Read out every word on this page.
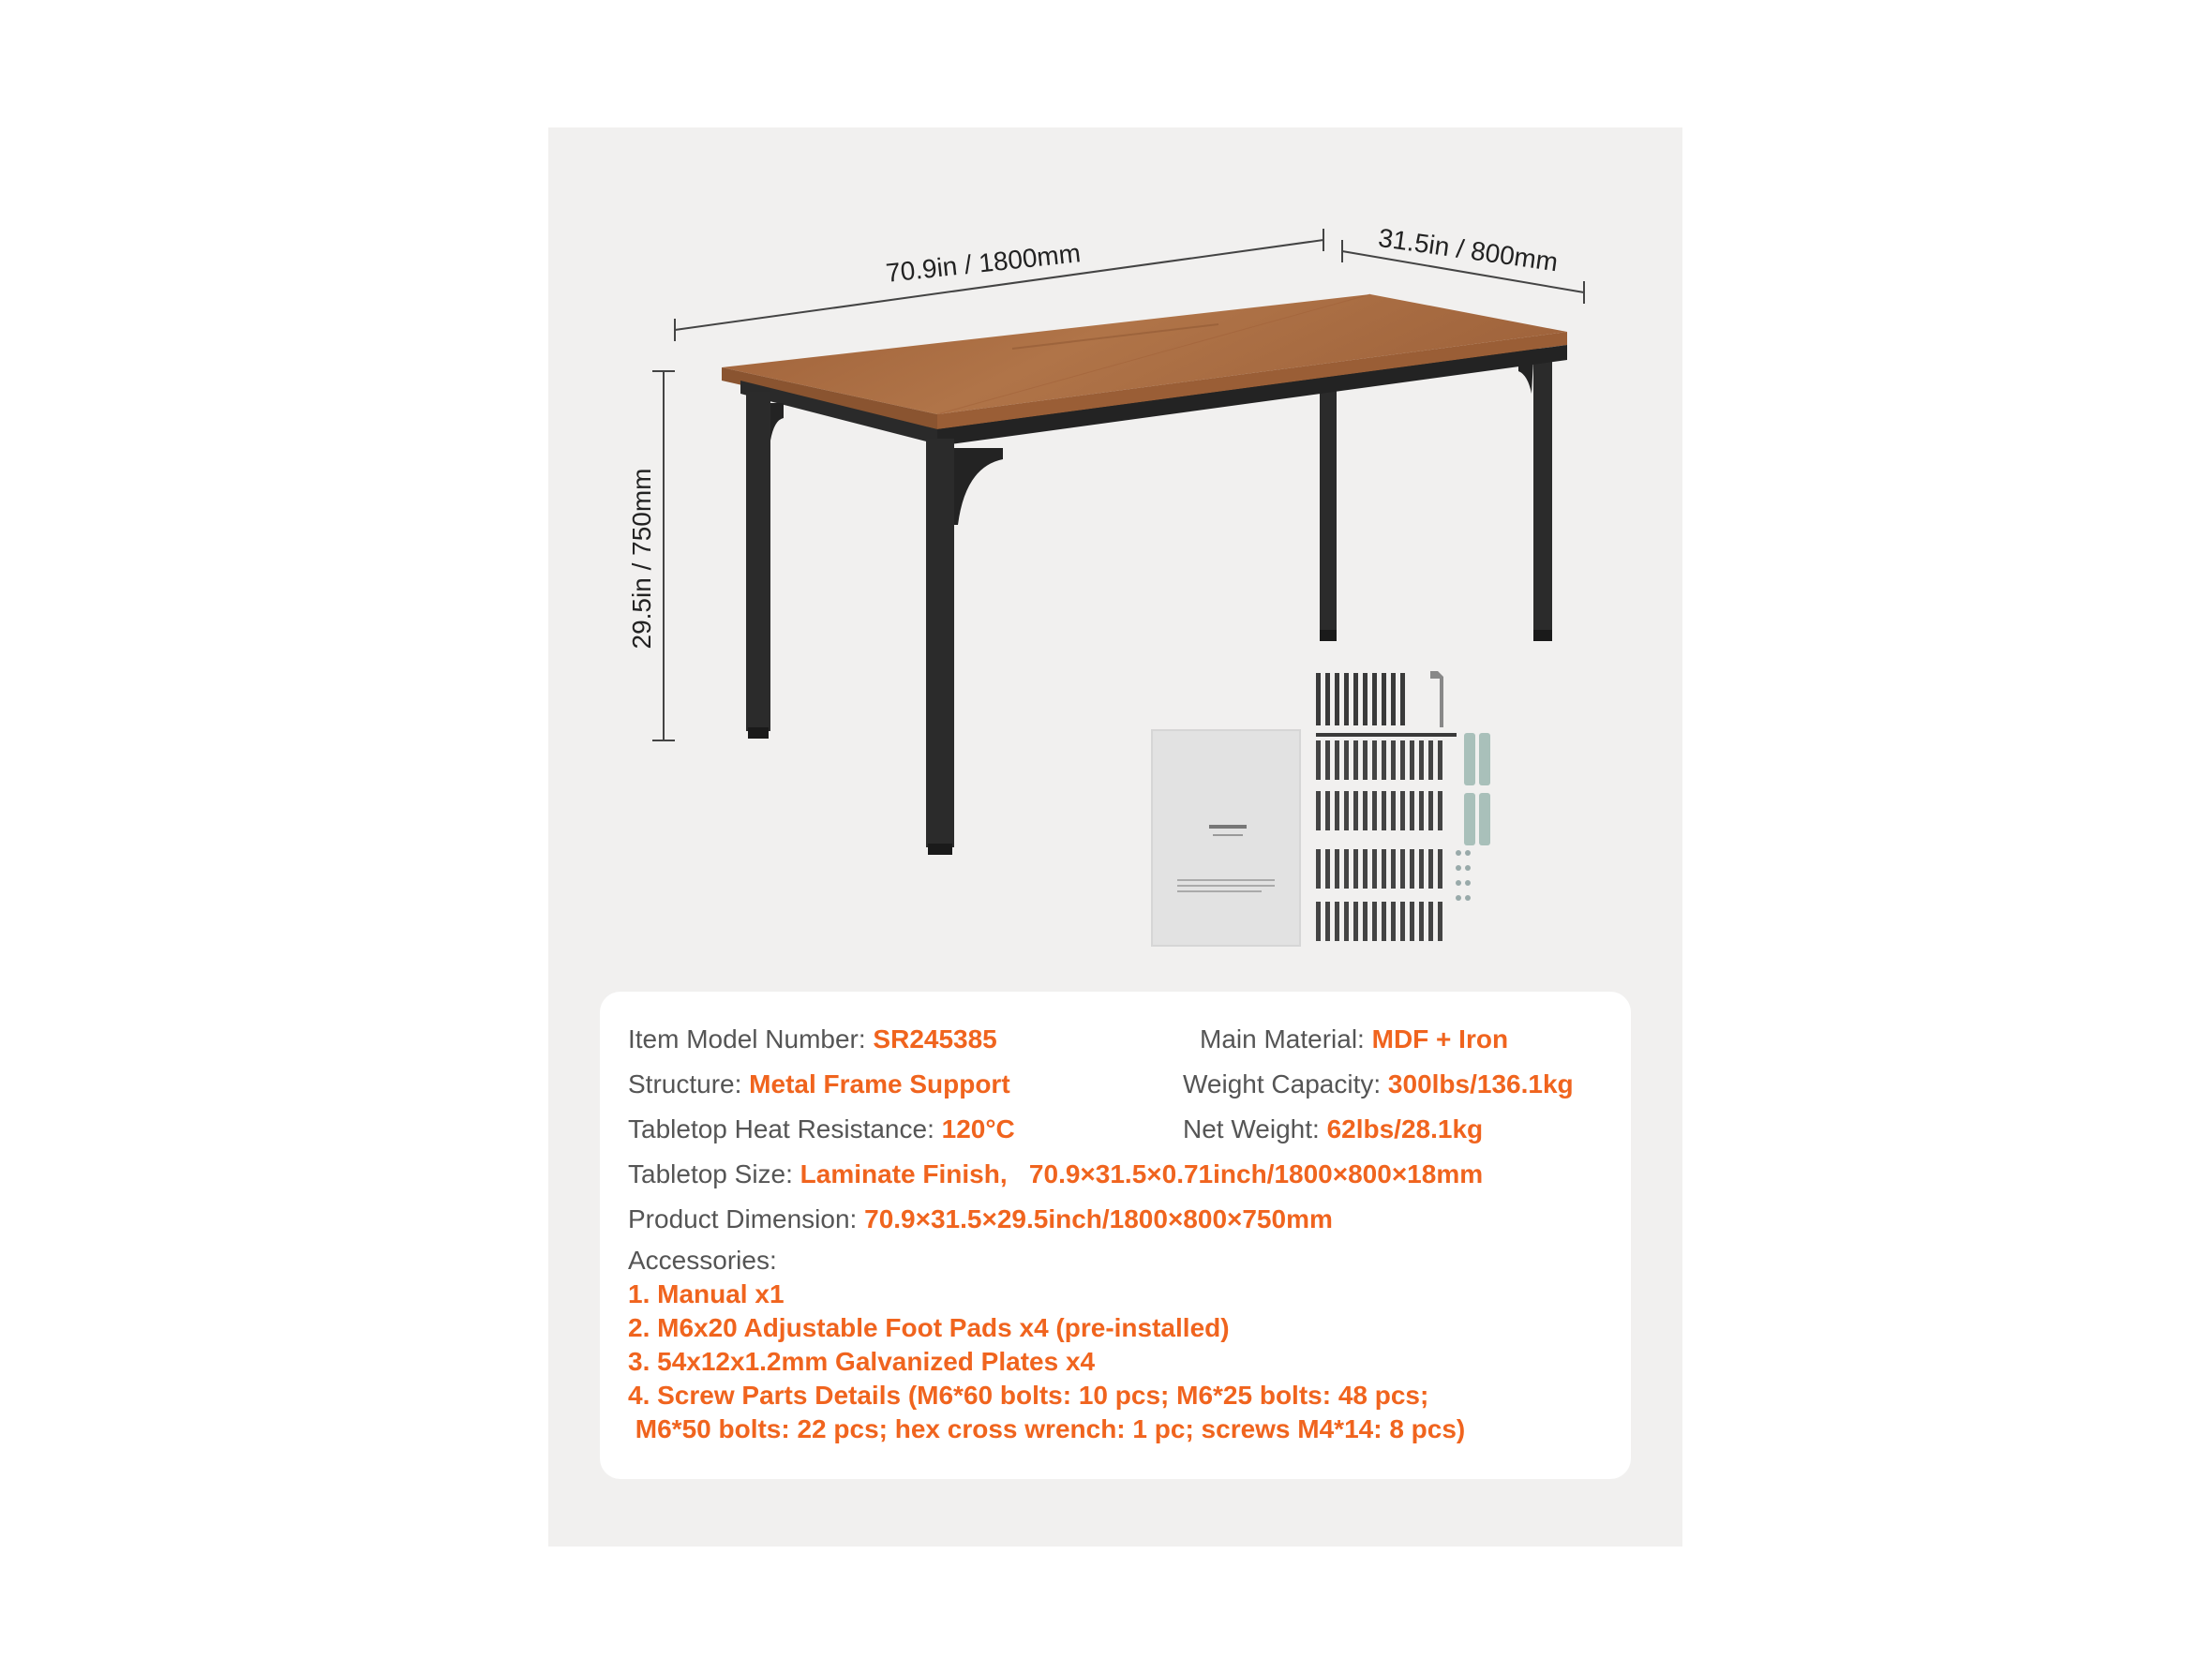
70.9in / 1800mm	31.5in / 800mm
29.5in / 750mm
Item Model Number: SR245385	Main Material: MDF + Iron
Structure: Metal Frame Support	Weight Capacity: 300lbs/136.1kg
Tabletop Heat Resistance: 120°C	Net Weight: 62lbs/28.1kg
Tabletop Size: Laminate Finish,   70.9×31.5×0.71inch/1800×800×18mm
Product Dimension: 70.9×31.5×29.5inch/1800×800×750mm
Accessories:
1. Manual x1
2. M6x20 Adjustable Foot Pads x4 (pre-installed)
3. 54x12x1.2mm Galvanized Plates x4
4. Screw Parts Details (M6*60 bolts: 10 pcs; M6*25 bolts: 48 pcs;
M6*50 bolts: 22 pcs; hex cross wrench: 1 pc; screws M4*14: 8 pcs)
